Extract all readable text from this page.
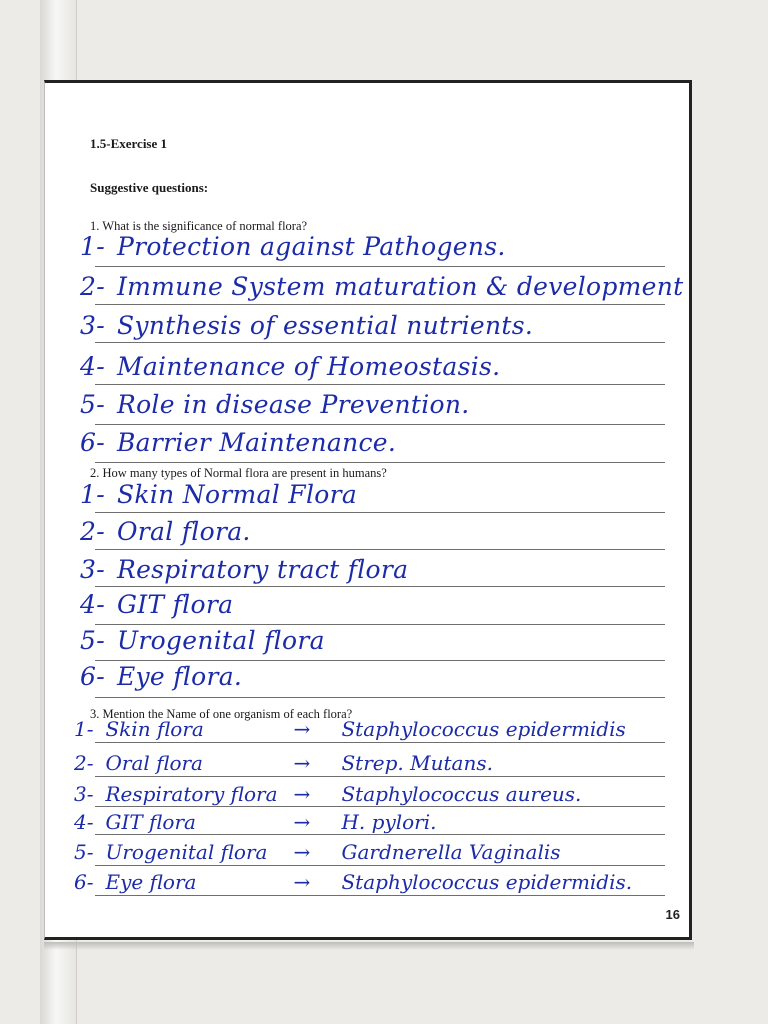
1.5-Exercise 1
Suggestive questions:
1. What is the significance of normal flora?
1- Protection against Pathogens.
2- Immune System maturation & development
3- Synthesis of essential nutrients.
4- Maintenance of Homeostasis.
5- Role in disease Prevention.
6- Barrier Maintenance.
2. How many types of Normal flora are present in humans?
1- Skin Normal Flora
2- Oral flora.
3- Respiratory tract flora
4- GIT flora
5- Urogenital flora
6- Eye flora.
3. Mention the Name of one organism of each flora?
1- Skin flora	→ Staphylococcus epidermidis
2- Oral flora	→ Strep. Mutans.
3- Respiratory flora → Staphylococcus aureus.
4- GIT flora	→ H. pylori.
5- Urogenital flora → Gardnerella Vaginalis
6- Eye flora	→ Staphylococcus epidermidis.
16
